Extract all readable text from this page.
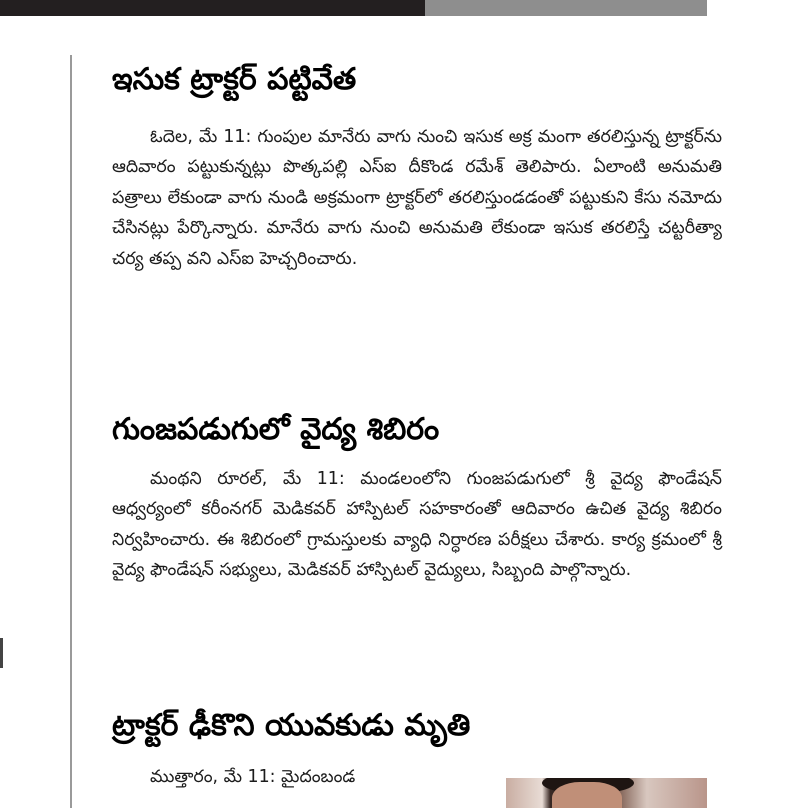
ఇసుక ట్రాక్టర్ పట్టివేత

ఓదెల, మే 11: గుంపుల మానేరు వాగు నుంచి ఇసుక అక్ర మంగా తరలిస్తున్న ట్రాక్టర్‌ను ఆదివారం పట్టుకున్నట్లు పొత్కపల్లి ఎస్‌ఐ దీకొండ రమేశ్ తెలిపారు. ఏలాంటి అనుమతి పత్రాలు లేకుండా వాగు నుండి అక్రమంగా ట్రాక్టర్‌లో తరలిస్తుండడంతో పట్టుకుని కేసు నమోదు చేసినట్లు పేర్కొన్నారు. మానేరు వాగు నుంచి అనుమతి లేకుండా ఇసుక తరలిస్తే చట్టరీత్యా చర్య తప్ప వని ఎస్‌ఐ హెచ్చరించారు.

గుంజపడుగులో వైద్య శిబిరం

మంథని రూరల్, మే 11: మండలంలోని గుంజపడుగులో శ్రీ వైద్య ఫౌండేషన్ ఆధ్వర్యంలో కరీంనగర్ మెడికవర్ హాస్పిటల్ సహకారంతో ఆదివారం ఉచిత వైద్య శిబిరం నిర్వహించారు. ఈ శిబిరంలో గ్రామస్తులకు వ్యాధి నిర్ధారణ పరీక్షలు చేశారు. కార్య క్రమంలో శ్రీ వైద్య ఫౌండేషన్ సభ్యులు, మెడికవర్ హాస్పిటల్ వైద్యులు, సిబ్బంది పాల్గొన్నారు.

ట్రాక్టర్ ఢీకొని యువకుడు మృతి

ముత్తారం, మే 11: మైదంబండ
